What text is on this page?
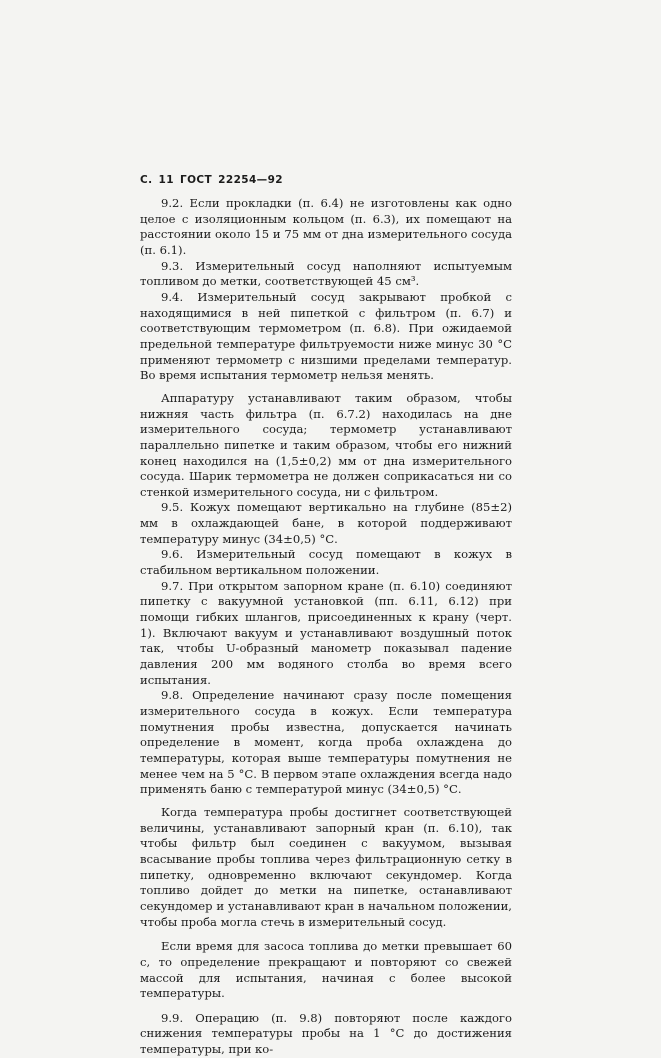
С. 11 ГОСТ 22254—92

9.2. Если прокладки (п. 6.4) не изготовлены как одно целое с изоляционным кольцом (п. 6.3), их помещают на расстоянии около 15 и 75 мм от дна измерительного сосуда (п. 6.1).

9.3. Измерительный сосуд наполняют испытуемым топливом до метки, соответствующей 45 см³.

9.4. Измерительный сосуд закрывают пробкой с находящимися в ней пипеткой с фильтром (п. 6.7) и соответствующим термометром (п. 6.8). При ожидаемой предельной температуре фильтруемости ниже минус 30 °С применяют термометр с низшими пределами температур. Во время испытания термометр нельзя менять.

Аппаратуру устанавливают таким образом, чтобы нижняя часть фильтра (п. 6.7.2) находилась на дне измерительного сосуда; термометр устанавливают параллельно пипетке и таким образом, чтобы его нижний конец находился на (1,5±0,2) мм от дна измерительного сосуда. Шарик термометра не должен соприкасаться ни со стенкой измерительного сосуда, ни с фильтром.

9.5. Кожух помещают вертикально на глубине (85±2) мм в охлаждающей бане, в которой поддерживают температуру минус (34±0,5) °С.

9.6. Измерительный сосуд помещают в кожух в стабильном вертикальном положении.

9.7. При открытом запорном кране (п. 6.10) соединяют пипетку с вакуумной установкой (пп. 6.11, 6.12) при помощи гибких шлангов, присоединенных к крану (черт. 1). Включают вакуум и устанавливают воздушный поток так, чтобы U-образный манометр показывал падение давления 200 мм водяного столба во время всего испытания.

9.8. Определение начинают сразу после помещения измерительного сосуда в кожух. Если температура помутнения пробы известна, допускается начинать определение в момент, когда проба охлаждена до температуры, которая выше температуры помутнения не менее чем на 5 °С. В первом этапе охлаждения всегда надо применять баню с температурой минус (34±0,5) °С.

Когда температура пробы достигнет соответствующей величины, устанавливают запорный кран (п. 6.10), так чтобы фильтр был соединен с вакуумом, вызывая всасывание пробы топлива через фильтрационную сетку в пипетку, одновременно включают секундомер. Когда топливо дойдет до метки на пипетке, останавливают секундомер и устанавливают кран в начальном положении, чтобы проба могла стечь в измерительный сосуд.

Если время для засоса топлива до метки превышает 60 с, то определение прекращают и повторяют со свежей массой для испытания, начиная с более высокой температуры.

9.9. Операцию (п. 9.8) повторяют после каждого снижения температуры пробы на 1 °С до достижения температуры, при ко-
